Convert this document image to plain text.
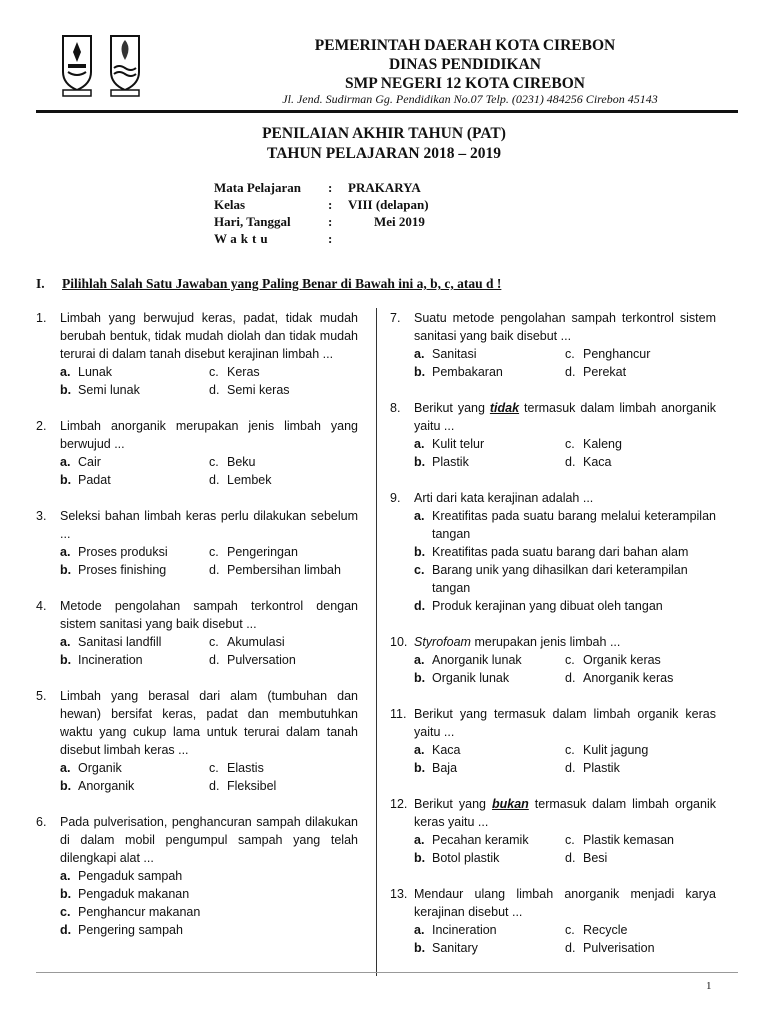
PEMERINTAH DAERAH KOTA CIREBON
DINAS PENDIDIKAN
SMP NEGERI 12 KOTA CIREBON
Jl. Jend. Sudirman Gg. Pendidikan No.07 Telp. (0231) 484256 Cirebon 45143
PENILAIAN AKHIR TAHUN (PAT)
TAHUN PELAJARAN 2018 – 2019
Mata Pelajaran	:	PRAKARYA
Kelas	:	VIII (delapan)
Hari, Tanggal	:	Mei 2019
Waktu	:
I.	Pilihlah Salah Satu Jawaban yang Paling Benar di Bawah ini a, b, c, atau d !
1.	Limbah yang berwujud keras, padat, tidak mudah berubah bentuk, tidak mudah diolah dan tidak mudah terurai di dalam tanah disebut kerajinan limbah ...
a. Lunak	c. Keras
b. Semi lunak	d. Semi keras
2.	Limbah anorganik merupakan jenis limbah yang berwujud ...
a. Cair	c. Beku
b. Padat	d. Lembek
3.	Seleksi bahan limbah keras perlu dilakukan sebelum ...
a. Proses produksi	c. Pengeringan
b. Proses finishing	d. Pembersihan limbah
4.	Metode pengolahan sampah terkontrol dengan sistem sanitasi yang baik disebut ...
a. Sanitasi landfill	c. Akumulasi
b. Incineration	d. Pulversation
5.	Limbah yang berasal dari alam (tumbuhan dan hewan) bersifat keras, padat dan membutuhkan waktu yang cukup lama untuk terurai dalam tanah disebut limbah keras ...
a. Organik	c. Elastis
b. Anorganik	d. Fleksibel
6.	Pada pulverisation, penghancuran sampah dilakukan di dalam mobil pengumpul sampah yang telah dilengkapi alat ...
a. Pengaduk sampah
b. Pengaduk makanan
c. Penghancur makanan
d. Pengering sampah
7.	Suatu metode pengolahan sampah terkontrol sistem sanitasi yang baik disebut ...
a. Sanitasi	c. Penghancur
b. Pembakaran	d. Perekat
8.	Berikut yang tidak termasuk dalam limbah anorganik yaitu ...
a. Kulit telur	c. Kaleng
b. Plastik	d. Kaca
9.	Arti dari kata kerajinan adalah ...
a. Kreatifitas pada suatu barang melalui keterampilan tangan
b. Kreatifitas pada suatu barang dari bahan alam
c. Barang unik yang dihasilkan dari keterampilan tangan
d. Produk kerajinan yang dibuat oleh tangan
10. Styrofoam merupakan jenis limbah ...
a. Anorganik lunak	c. Organik keras
b. Organik lunak	d. Anorganik keras
11. Berikut yang termasuk dalam limbah organik keras yaitu ...
a. Kaca	c. Kulit jagung
b. Baja	d. Plastik
12. Berikut yang bukan termasuk dalam limbah organik keras yaitu ...
a. Pecahan keramik	c. Plastik kemasan
b. Botol plastik	d. Besi
13. Mendaur ulang limbah anorganik menjadi karya kerajinan disebut ...
a. Incineration	c. Recycle
b. Sanitary	d. Pulverisation
1
